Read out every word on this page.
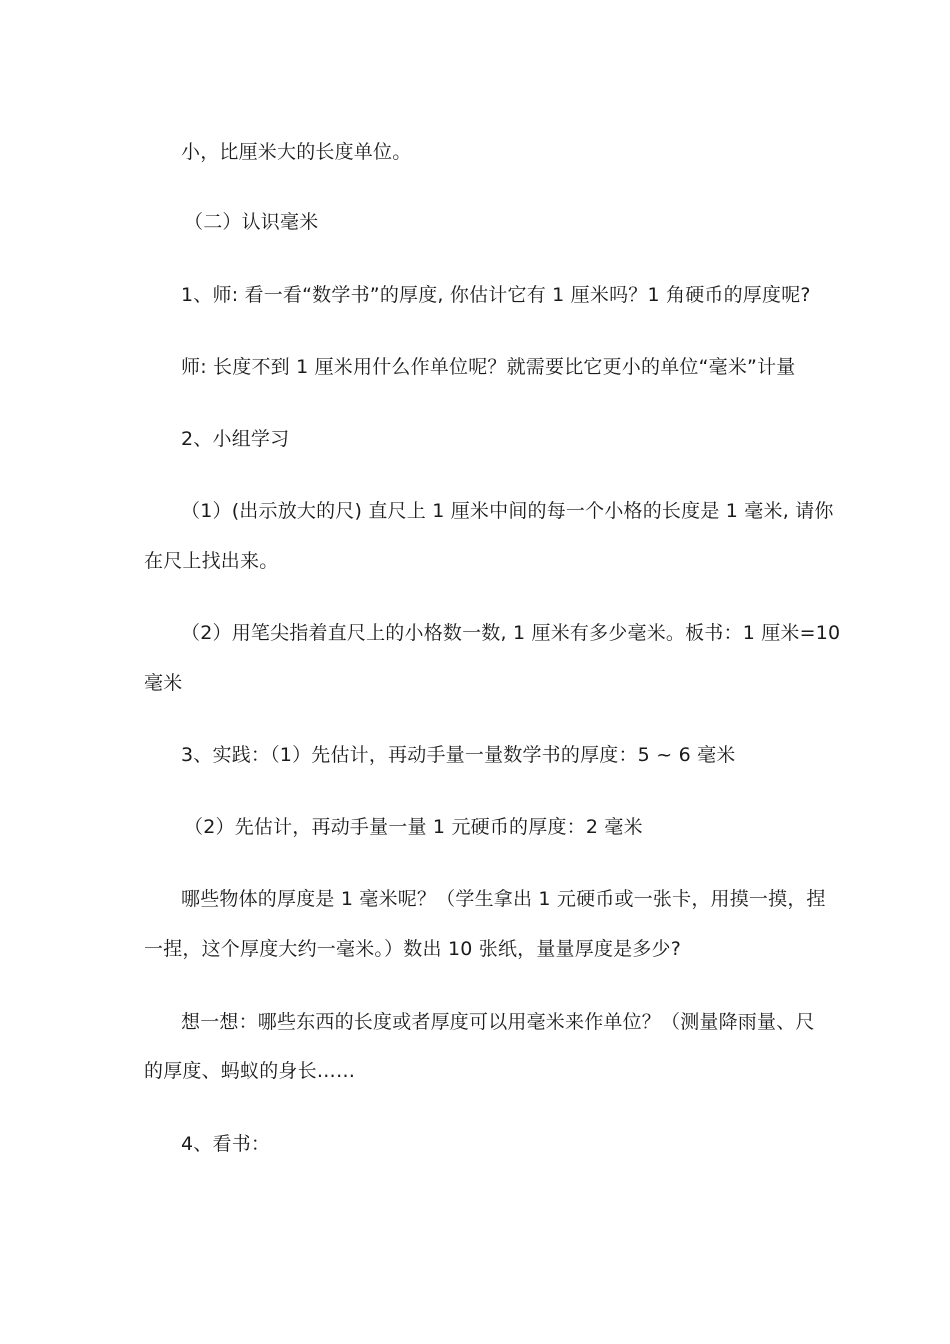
小，比厘米大的长度单位。
（二）认识毫米
1、师: 看一看“数学书”的厚度, 你估计它有 1 厘米吗？1 角硬币的厚度呢?
师: 长度不到 1 厘米用什么作单位呢？就需要比它更小的单位“毫米”计量
2、小组学习
（1）(出示放大的尺) 直尺上 1 厘米中间的每一个小格的长度是 1 毫米, 请你
在尺上找出来。
（2）用笔尖指着直尺上的小格数一数, 1 厘米有多少毫米。板书：1 厘米=10
毫米
3、实践：（1）先估计，再动手量一量数学书的厚度：5 ~ 6 毫米
（2）先估计，再动手量一量 1 元硬币的厚度：2 毫米
哪些物体的厚度是 1 毫米呢？（学生拿出 1 元硬币或一张卡，用摸一摸，捏
一捏，这个厚度大约一毫米。）数出 10 张纸，量量厚度是多少?
想一想：哪些东西的长度或者厚度可以用毫米来作单位？（测量降雨量、尺
的厚度、蚂蚁的身长……
4、看书：
